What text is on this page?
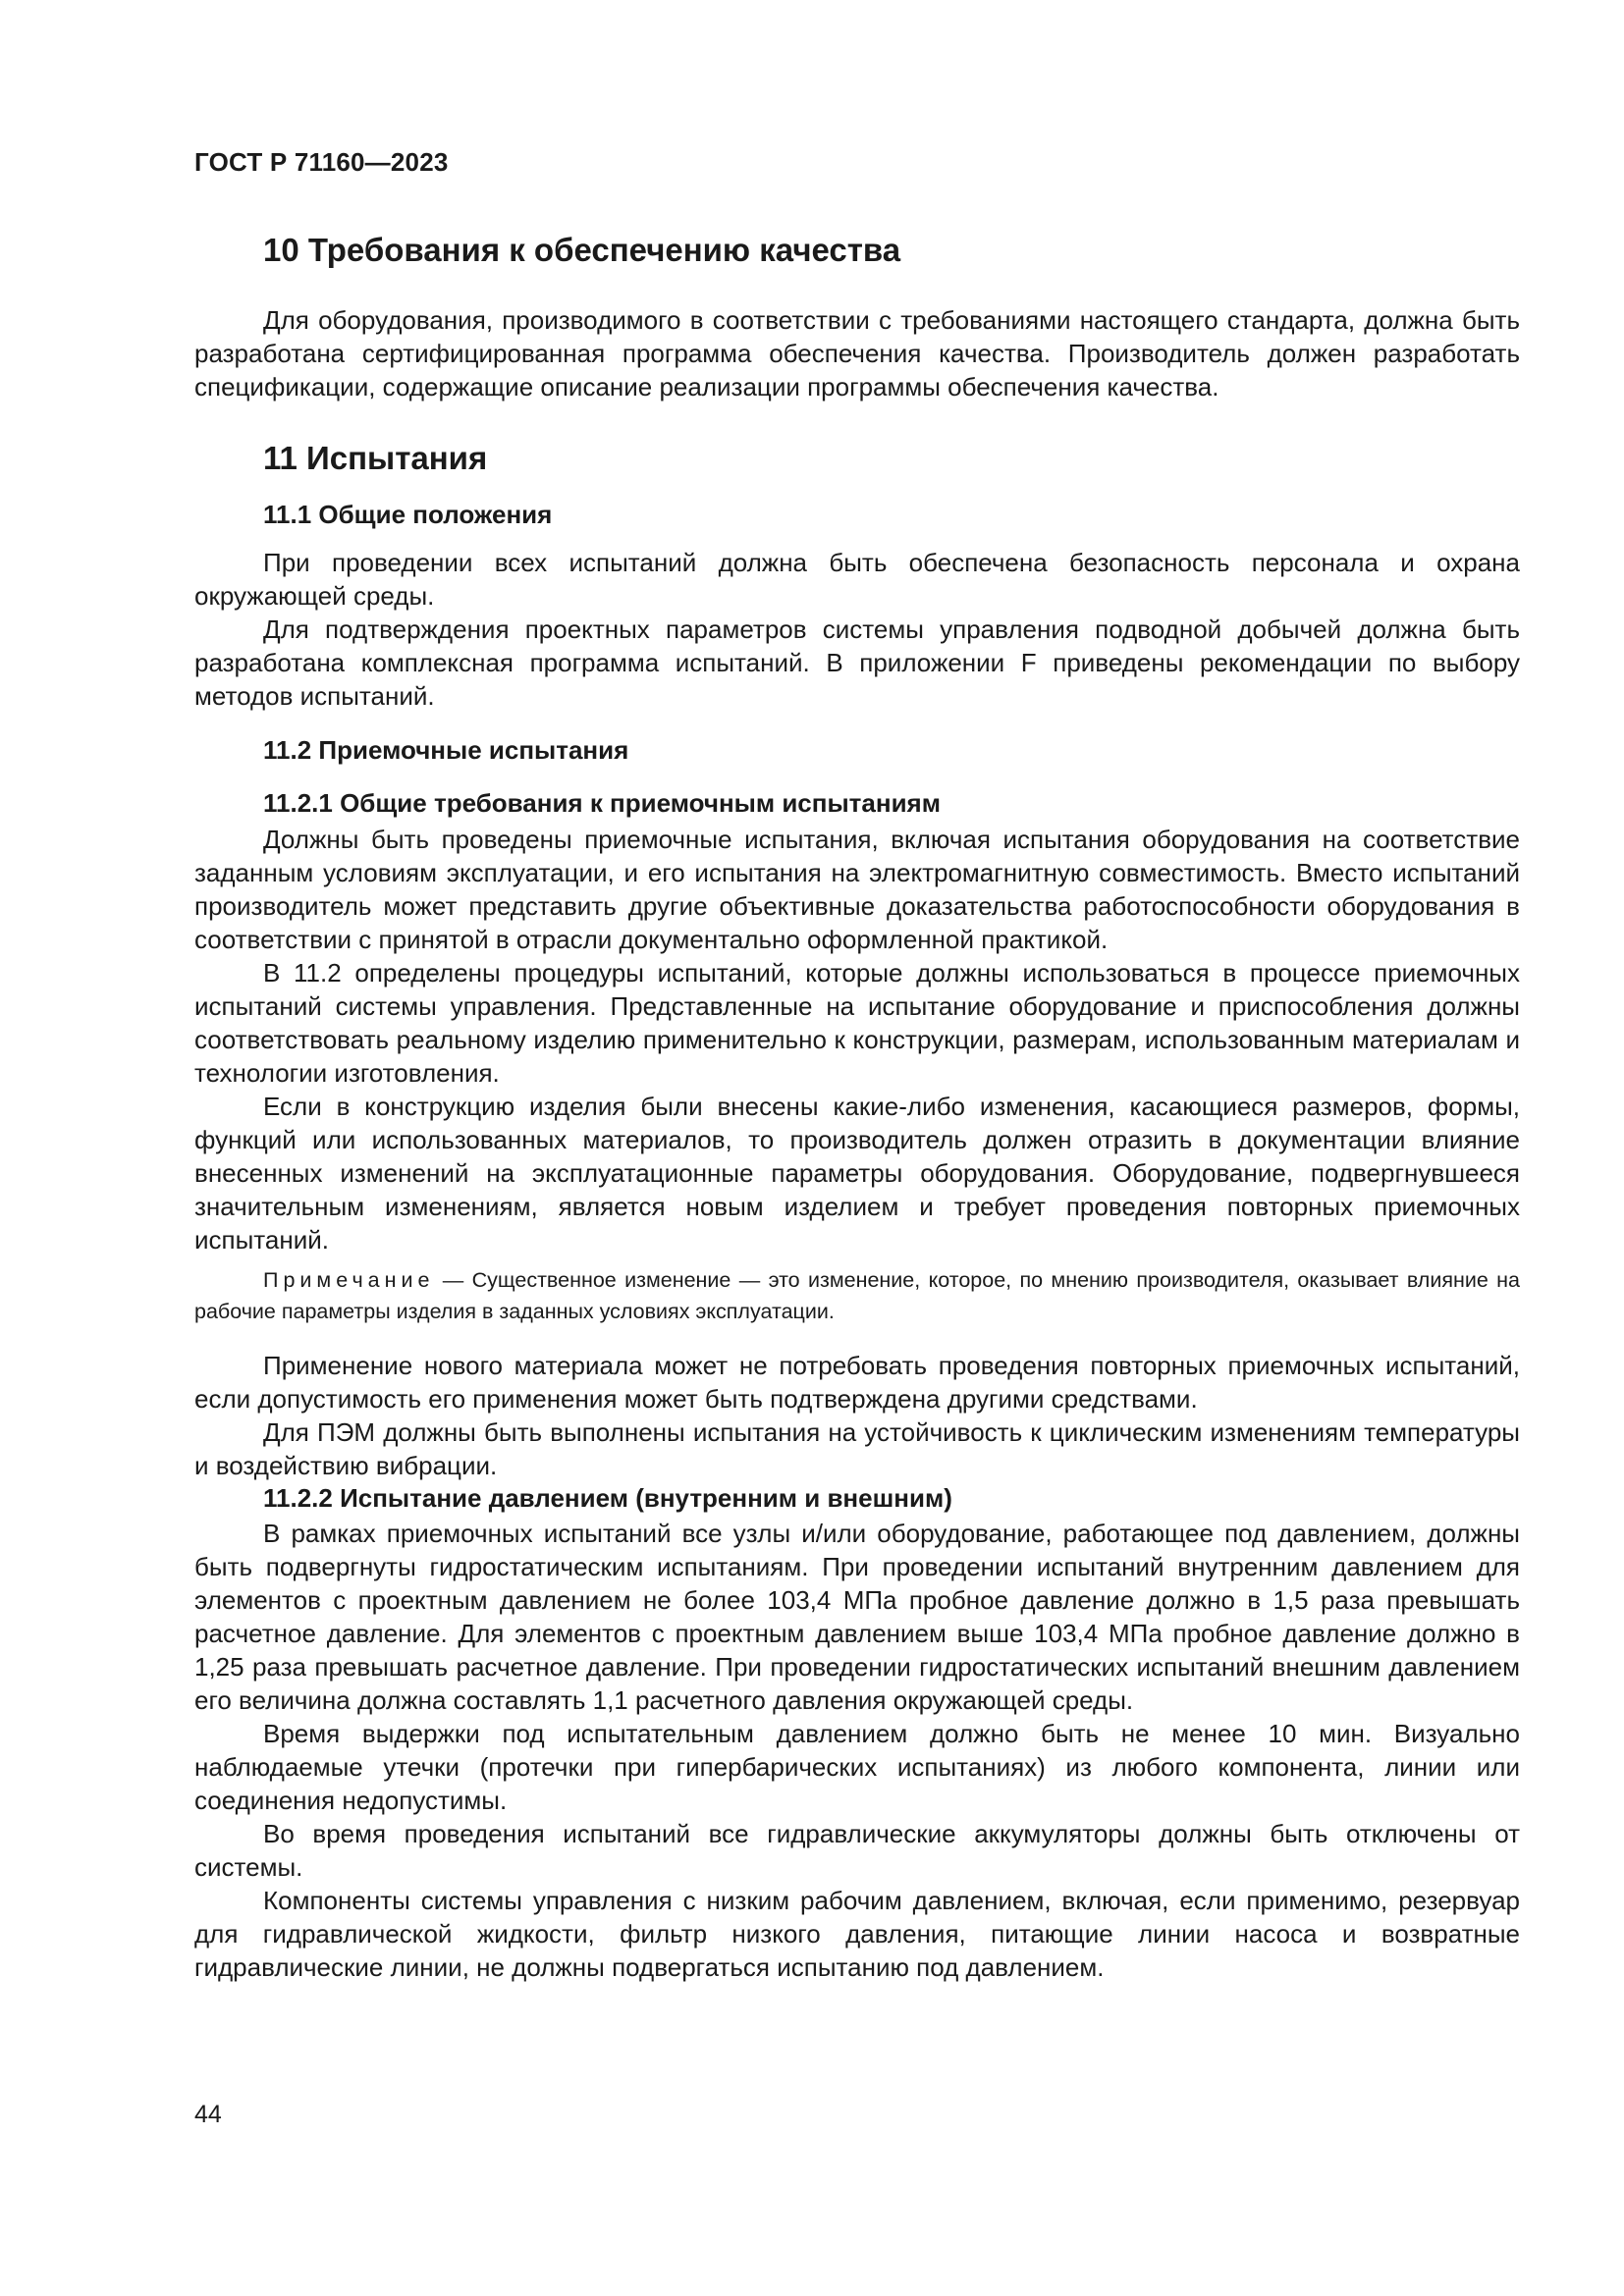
ГОСТ Р 71160—2023
10 Требования к обеспечению качества

Для оборудования, производимого в соответствии с требованиями настоящего стандарта, должна быть разработана сертифицированная программа обеспечения качества. Производитель должен разработать спецификации, содержащие описание реализации программы обеспечения качества.

11 Испытания
11.1 Общие положения

При проведении всех испытаний должна быть обеспечена безопасность персонала и охрана окружающей среды.

Для подтверждения проектных параметров системы управления подводной добычей должна быть разработана комплексная программа испытаний. В приложении F приведены рекомендации по выбору методов испытаний.

11.2 Приемочные испытания
11.2.1 Общие требования к приемочным испытаниям

Должны быть проведены приемочные испытания, включая испытания оборудования на соответствие заданным условиям эксплуатации, и его испытания на электромагнитную совместимость. Вместо испытаний производитель может представить другие объективные доказательства работоспособности оборудования в соответствии с принятой в отрасли документально оформленной практикой.

В 11.2 определены процедуры испытаний, которые должны использоваться в процессе приемочных испытаний системы управления. Представленные на испытание оборудование и приспособления должны соответствовать реальному изделию применительно к конструкции, размерам, использованным материалам и технологии изготовления.

Если в конструкцию изделия были внесены какие-либо изменения, касающиеся размеров, формы, функций или использованных материалов, то производитель должен отразить в документации влияние внесенных изменений на эксплуатационные параметры оборудования. Оборудование, подвергнувшееся значительным изменениям, является новым изделием и требует проведения повторных приемочных испытаний.

Примечание — Существенное изменение — это изменение, которое, по мнению производителя, оказывает влияние на рабочие параметры изделия в заданных условиях эксплуатации.

Применение нового материала может не потребовать проведения повторных приемочных испытаний, если допустимость его применения может быть подтверждена другими средствами.

Для ПЭМ должны быть выполнены испытания на устойчивость к циклическим изменениям температуры и воздействию вибрации.

11.2.2 Испытание давлением (внутренним и внешним)

В рамках приемочных испытаний все узлы и/или оборудование, работающее под давлением, должны быть подвергнуты гидростатическим испытаниям. При проведении испытаний внутренним давлением для элементов с проектным давлением не более 103,4 МПа пробное давление должно в 1,5 раза превышать расчетное давление. Для элементов с проектным давлением выше 103,4 МПа пробное давление должно в 1,25 раза превышать расчетное давление. При проведении гидростатических испытаний внешним давлением его величина должна составлять 1,1 расчетного давления окружающей среды.

Время выдержки под испытательным давлением должно быть не менее 10 мин. Визуально наблюдаемые утечки (протечки при гипербарических испытаниях) из любого компонента, линии или соединения недопустимы.

Во время проведения испытаний все гидравлические аккумуляторы должны быть отключены от системы.

Компоненты системы управления с низким рабочим давлением, включая, если применимо, резервуар для гидравлической жидкости, фильтр низкого давления, питающие линии насоса и возвратные гидравлические линии, не должны подвергаться испытанию под давлением.

44
